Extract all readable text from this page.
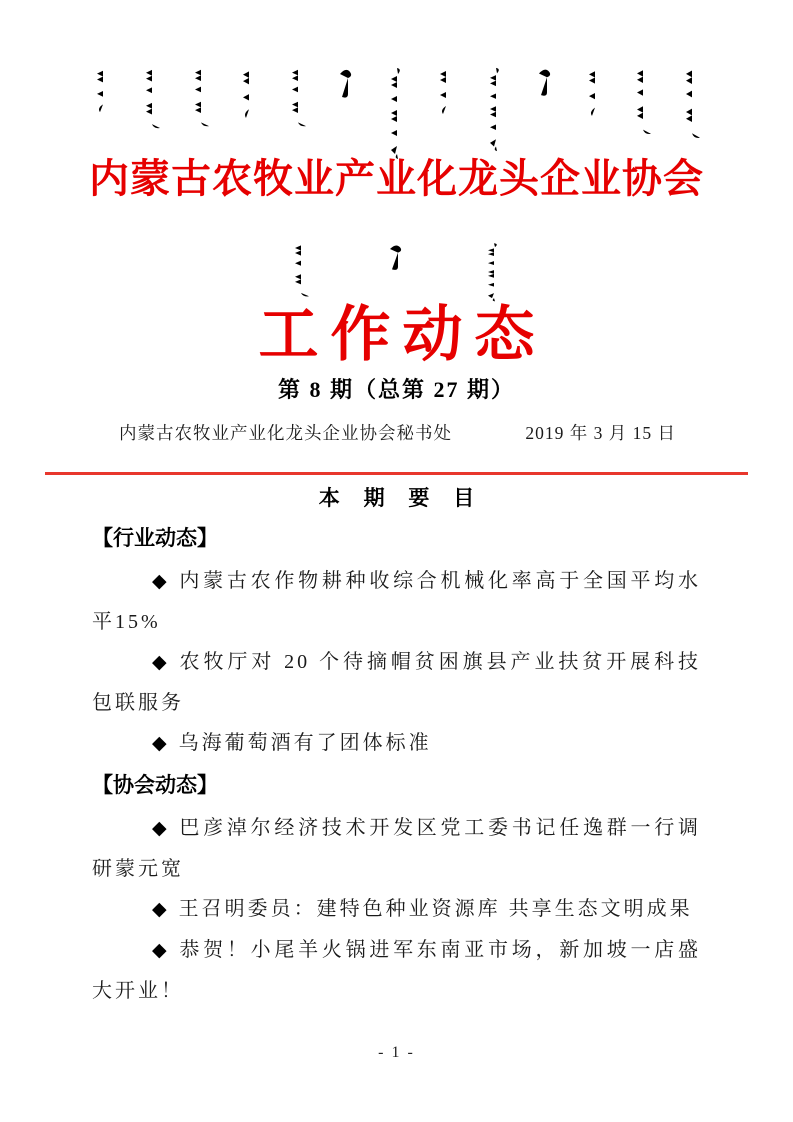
内蒙古农牧业产业化龙头企业协会
工作动态
第 8 期（总第 27 期）
内蒙古农牧业产业化龙头企业协会秘书处	2019 年 3 月 15 日
本 期 要 目
【行业动态】

◆ 内蒙古农作物耕种收综合机械化率高于全国平均水平15%

◆ 农牧厅对 20 个待摘帽贫困旗县产业扶贫开展科技包联服务

◆ 乌海葡萄酒有了团体标准

【协会动态】

◆ 巴彦淖尔经济技术开发区党工委书记任逸群一行调研蒙元宽

◆ 王召明委员：建特色种业资源库 共享生态文明成果

◆ 恭贺！小尾羊火锅进军东南亚市场，新加坡一店盛大开业！

- 1 -
